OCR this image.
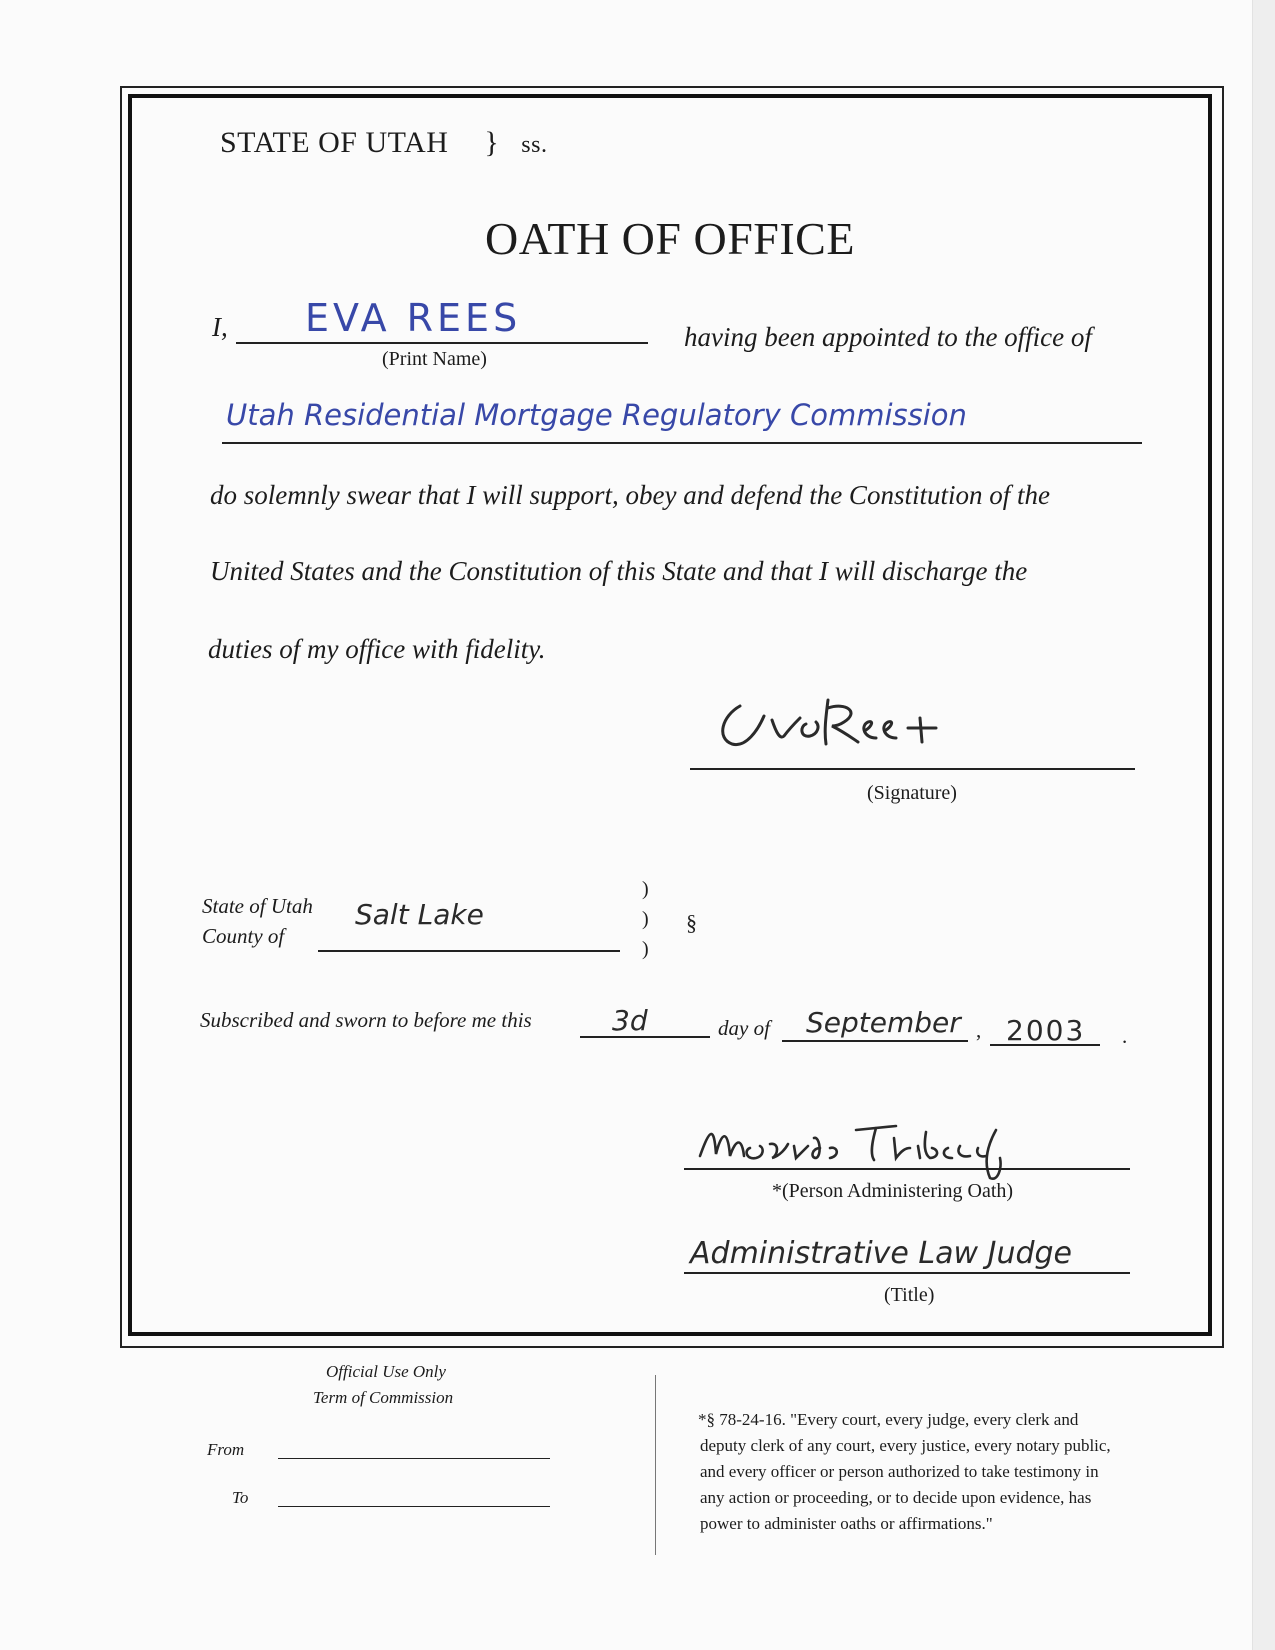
STATE OF UTAH } ss.
OATH OF OFFICE
I, EVA REES
(Print Name)
having been appointed to the office of
Utah Residential Mortgage Regulatory Commission
do solemnly swear that I will support, obey and defend the Constitution of the
United States and the Constitution of this State and that I will discharge the
duties of my office with fidelity.
(Signature)
State of Utah
County of
Salt Lake
)
)
)
§
Subscribed and sworn to before me this	3d	day of September , 2003 .
*(Person Administering Oath)
Administrative Law Judge
(Title)
Official Use Only
Term of Commission
From
To
*§ 78-24-16. "Every court, every judge, every clerk and
deputy clerk of any court, every justice, every notary public,
and every officer or person authorized to take testimony in
any action or proceeding, or to decide upon evidence, has
power to administer oaths or affirmations."
